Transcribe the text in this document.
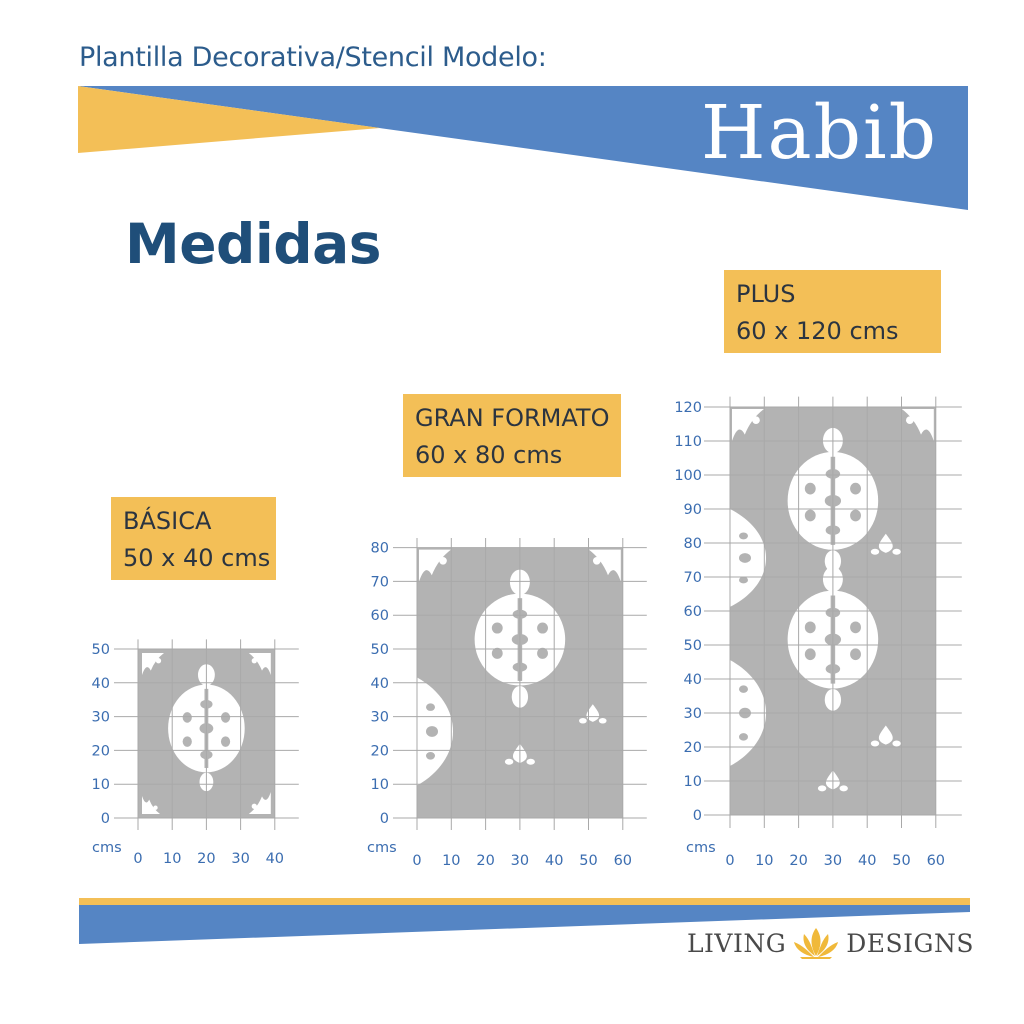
Plantilla Decorativa/Stencil Modelo:
Habib
Medidas
BÁSICA
50 x 40 cms
GRAN FORMATO
60 x 80 cms
PLUS
60 x 120 cms
0
10
20
30
40
50
0 10 20 30 40
cms
0
10
20
30
40
50
60
70
80
0 10 20 30 40 50 60
cms
0
10
20
30
40
50
60
70
80
90
100
110
120
0 10 20 30 40 50 60
cms
LIVING DESIGNS
